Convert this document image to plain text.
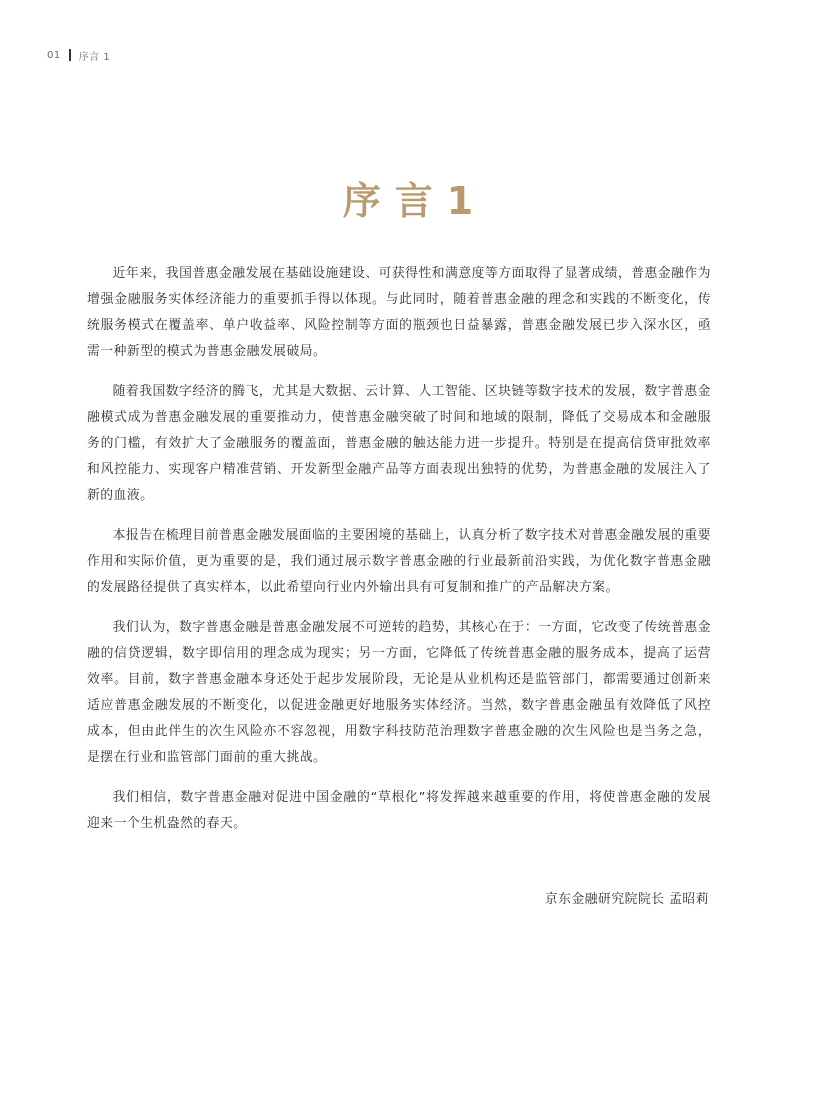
01 序言 1
序言1

近年来，我国普惠金融发展在基础设施建设、可获得性和满意度等方面取得了显著成绩，普惠金融作为增强金融服务实体经济能力的重要抓手得以体现。与此同时，随着普惠金融的理念和实践的不断变化，传统服务模式在覆盖率、单户收益率、风险控制等方面的瓶颈也日益暴露，普惠金融发展已步入深水区，亟需一种新型的模式为普惠金融发展破局。

随着我国数字经济的腾飞，尤其是大数据、云计算、人工智能、区块链等数字技术的发展，数字普惠金融模式成为普惠金融发展的重要推动力，使普惠金融突破了时间和地域的限制，降低了交易成本和金融服务的门槛，有效扩大了金融服务的覆盖面，普惠金融的触达能力进一步提升。特别是在提高信贷审批效率和风控能力、实现客户精准营销、开发新型金融产品等方面表现出独特的优势，为普惠金融的发展注入了新的血液。

本报告在梳理目前普惠金融发展面临的主要困境的基础上，认真分析了数字技术对普惠金融发展的重要作用和实际价值，更为重要的是，我们通过展示数字普惠金融的行业最新前沿实践，为优化数字普惠金融的发展路径提供了真实样本，以此希望向行业内外输出具有可复制和推广的产品解决方案。

我们认为，数字普惠金融是普惠金融发展不可逆转的趋势，其核心在于：一方面，它改变了传统普惠金融的信贷逻辑，数字即信用的理念成为现实；另一方面，它降低了传统普惠金融的服务成本，提高了运营效率。目前，数字普惠金融本身还处于起步发展阶段，无论是从业机构还是监管部门，都需要通过创新来适应普惠金融发展的不断变化，以促进金融更好地服务实体经济。当然，数字普惠金融虽有效降低了风控成本，但由此伴生的次生风险亦不容忽视，用数字科技防范治理数字普惠金融的次生风险也是当务之急，是摆在行业和监管部门面前的重大挑战。

我们相信，数字普惠金融对促进中国金融的“草根化”将发挥越来越重要的作用，将使普惠金融的发展迎来一个生机盎然的春天。

京东金融研究院院长 孟昭莉
